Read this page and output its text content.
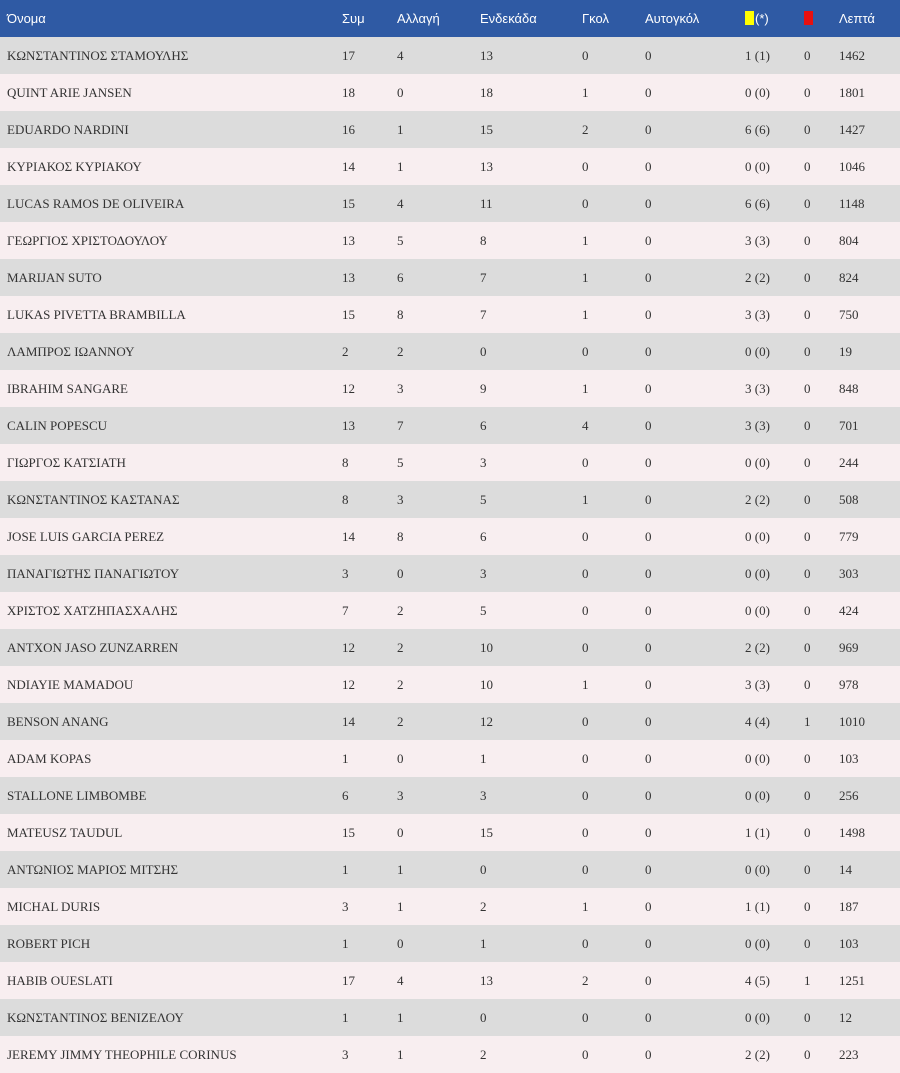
Όνομα	Συμ	Αλλαγή	Ενδεκάδα	Γκολ	Αυτογκόλ	(*)		Λεπτά
ΚΩΝΣΤΑΝΤΙΝΟΣ ΣΤΑΜΟΥΛΗΣ	17	4	13	0	0	1 (1)	0	1462
QUINT ARIE JANSEN	18	0	18	1	0	0 (0)	0	1801
EDUARDO NARDINI	16	1	15	2	0	6 (6)	0	1427
ΚΥΡΙΑΚΟΣ ΚΥΡΙΑΚΟΥ	14	1	13	0	0	0 (0)	0	1046
LUCAS RAMOS DE OLIVEIRA	15	4	11	0	0	6 (6)	0	1148
ΓΕΩΡΓΙΟΣ ΧΡΙΣΤΟΔΟΥΛΟΥ	13	5	8	1	0	3 (3)	0	804
MARIJAN SUTO	13	6	7	1	0	2 (2)	0	824
LUKAS PIVETTA BRAMBILLA	15	8	7	1	0	3 (3)	0	750
ΛΑΜΠΡΟΣ ΙΩΑΝΝΟΥ	2	2	0	0	0	0 (0)	0	19
IBRAHIM SANGARE	12	3	9	1	0	3 (3)	0	848
CALIN POPESCU	13	7	6	4	0	3 (3)	0	701
ΓΙΩΡΓΟΣ ΚΑΤΣΙΑΤΗ	8	5	3	0	0	0 (0)	0	244
ΚΩΝΣΤΑΝΤΙΝΟΣ ΚΑΣΤΑΝΑΣ	8	3	5	1	0	2 (2)	0	508
JOSE LUIS GARCIA PEREZ	14	8	6	0	0	0 (0)	0	779
ΠΑΝΑΓΙΩΤΗΣ ΠΑΝΑΓΙΩΤΟΥ	3	0	3	0	0	0 (0)	0	303
ΧΡΙΣΤΟΣ ΧΑΤΖΗΠΑΣΧΑΛΗΣ	7	2	5	0	0	0 (0)	0	424
ANTXON JASO ZUNZARREN	12	2	10	0	0	2 (2)	0	969
NDIAYIE MAMADOU	12	2	10	1	0	3 (3)	0	978
BENSON ANANG	14	2	12	0	0	4 (4)	1	1010
ADAM KOPAS	1	0	1	0	0	0 (0)	0	103
STALLONE LIMBOMBE	6	3	3	0	0	0 (0)	0	256
MATEUSZ TAUDUL	15	0	15	0	0	1 (1)	0	1498
ΑΝΤΩΝΙΟΣ ΜΑΡΙΟΣ ΜΙΤΣΗΣ	1	1	0	0	0	0 (0)	0	14
MICHAL DURIS	3	1	2	1	0	1 (1)	0	187
ROBERT PICH	1	0	1	0	0	0 (0)	0	103
HABIB OUESLATI	17	4	13	2	0	4 (5)	1	1251
ΚΩΝΣΤΑΝΤΙΝΟΣ ΒΕΝΙΖΕΛΟΥ	1	1	0	0	0	0 (0)	0	12
JEREMY JIMMY THEOPHILE CORINUS	3	1	2	0	0	2 (2)	0	223
